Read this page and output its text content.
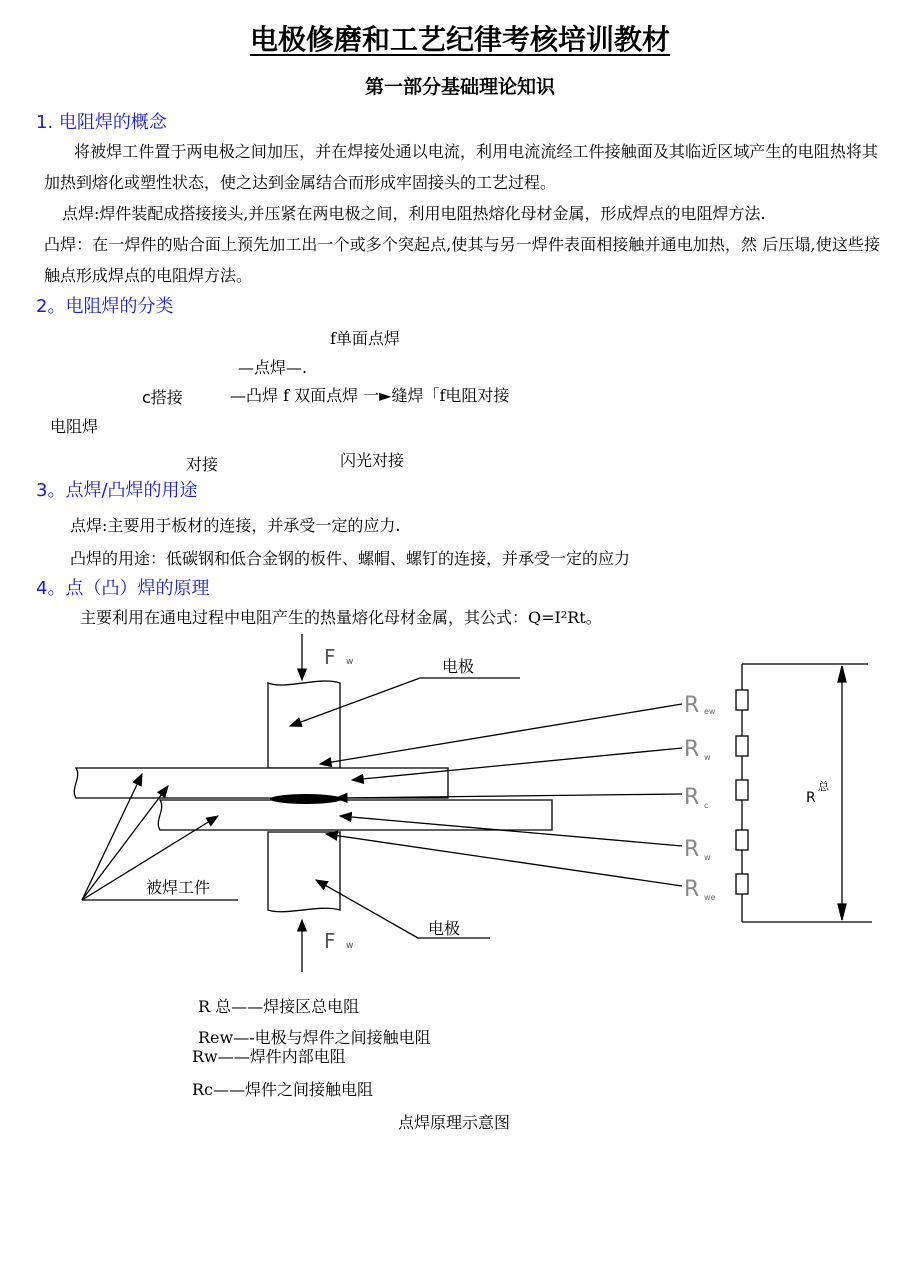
电极修磨和工艺纪律考核培训教材
第一部分基础理论知识
1. 电阻焊的概念
将被焊工件置于两电极之间加压，并在焊接处通以电流，利用电流流经工件接触面及其临近区域产生的电阻热将其加热到熔化或塑性状态，使之达到金属结合而形成牢固接头的工艺过程。
点焊:焊件装配成搭接接头,并压紧在两电极之间，利用电阻热熔化母材金属，形成焊点的电阻焊方法.
凸焊：在一焊件的贴合面上预先加工出一个或多个突起点,使其与另一焊件表面相接触并通电加热，然 后压塌,使这些接触点形成焊点的电阻焊方法。
2。电阻焊的分类
f单面点焊
—点焊—.
c搭接	—凸焊 f 双面点焊 一►缝焊「f电阻对接
电阻焊
对接	闪光对接
3。点焊/凸焊的用途
点焊:主要用于板材的连接，并承受一定的应力.
凸焊的用途：低碳钢和低合金钢的板件、螺帽、螺钉的连接，并承受一定的应力
4。点（凸）焊的原理
主要利用在通电过程中电阻产生的热量熔化母材金属，其公式：Q=I²Rt。
F w
F w
电极
电极
被焊工件
R ew
R w
R c
R w
R we
R
总
R 总——焊接区总电阻
Rew—-电极与焊件之间接触电阻
Rw——焊件内部电阻
Rc——焊件之间接触电阻
点焊原理示意图
